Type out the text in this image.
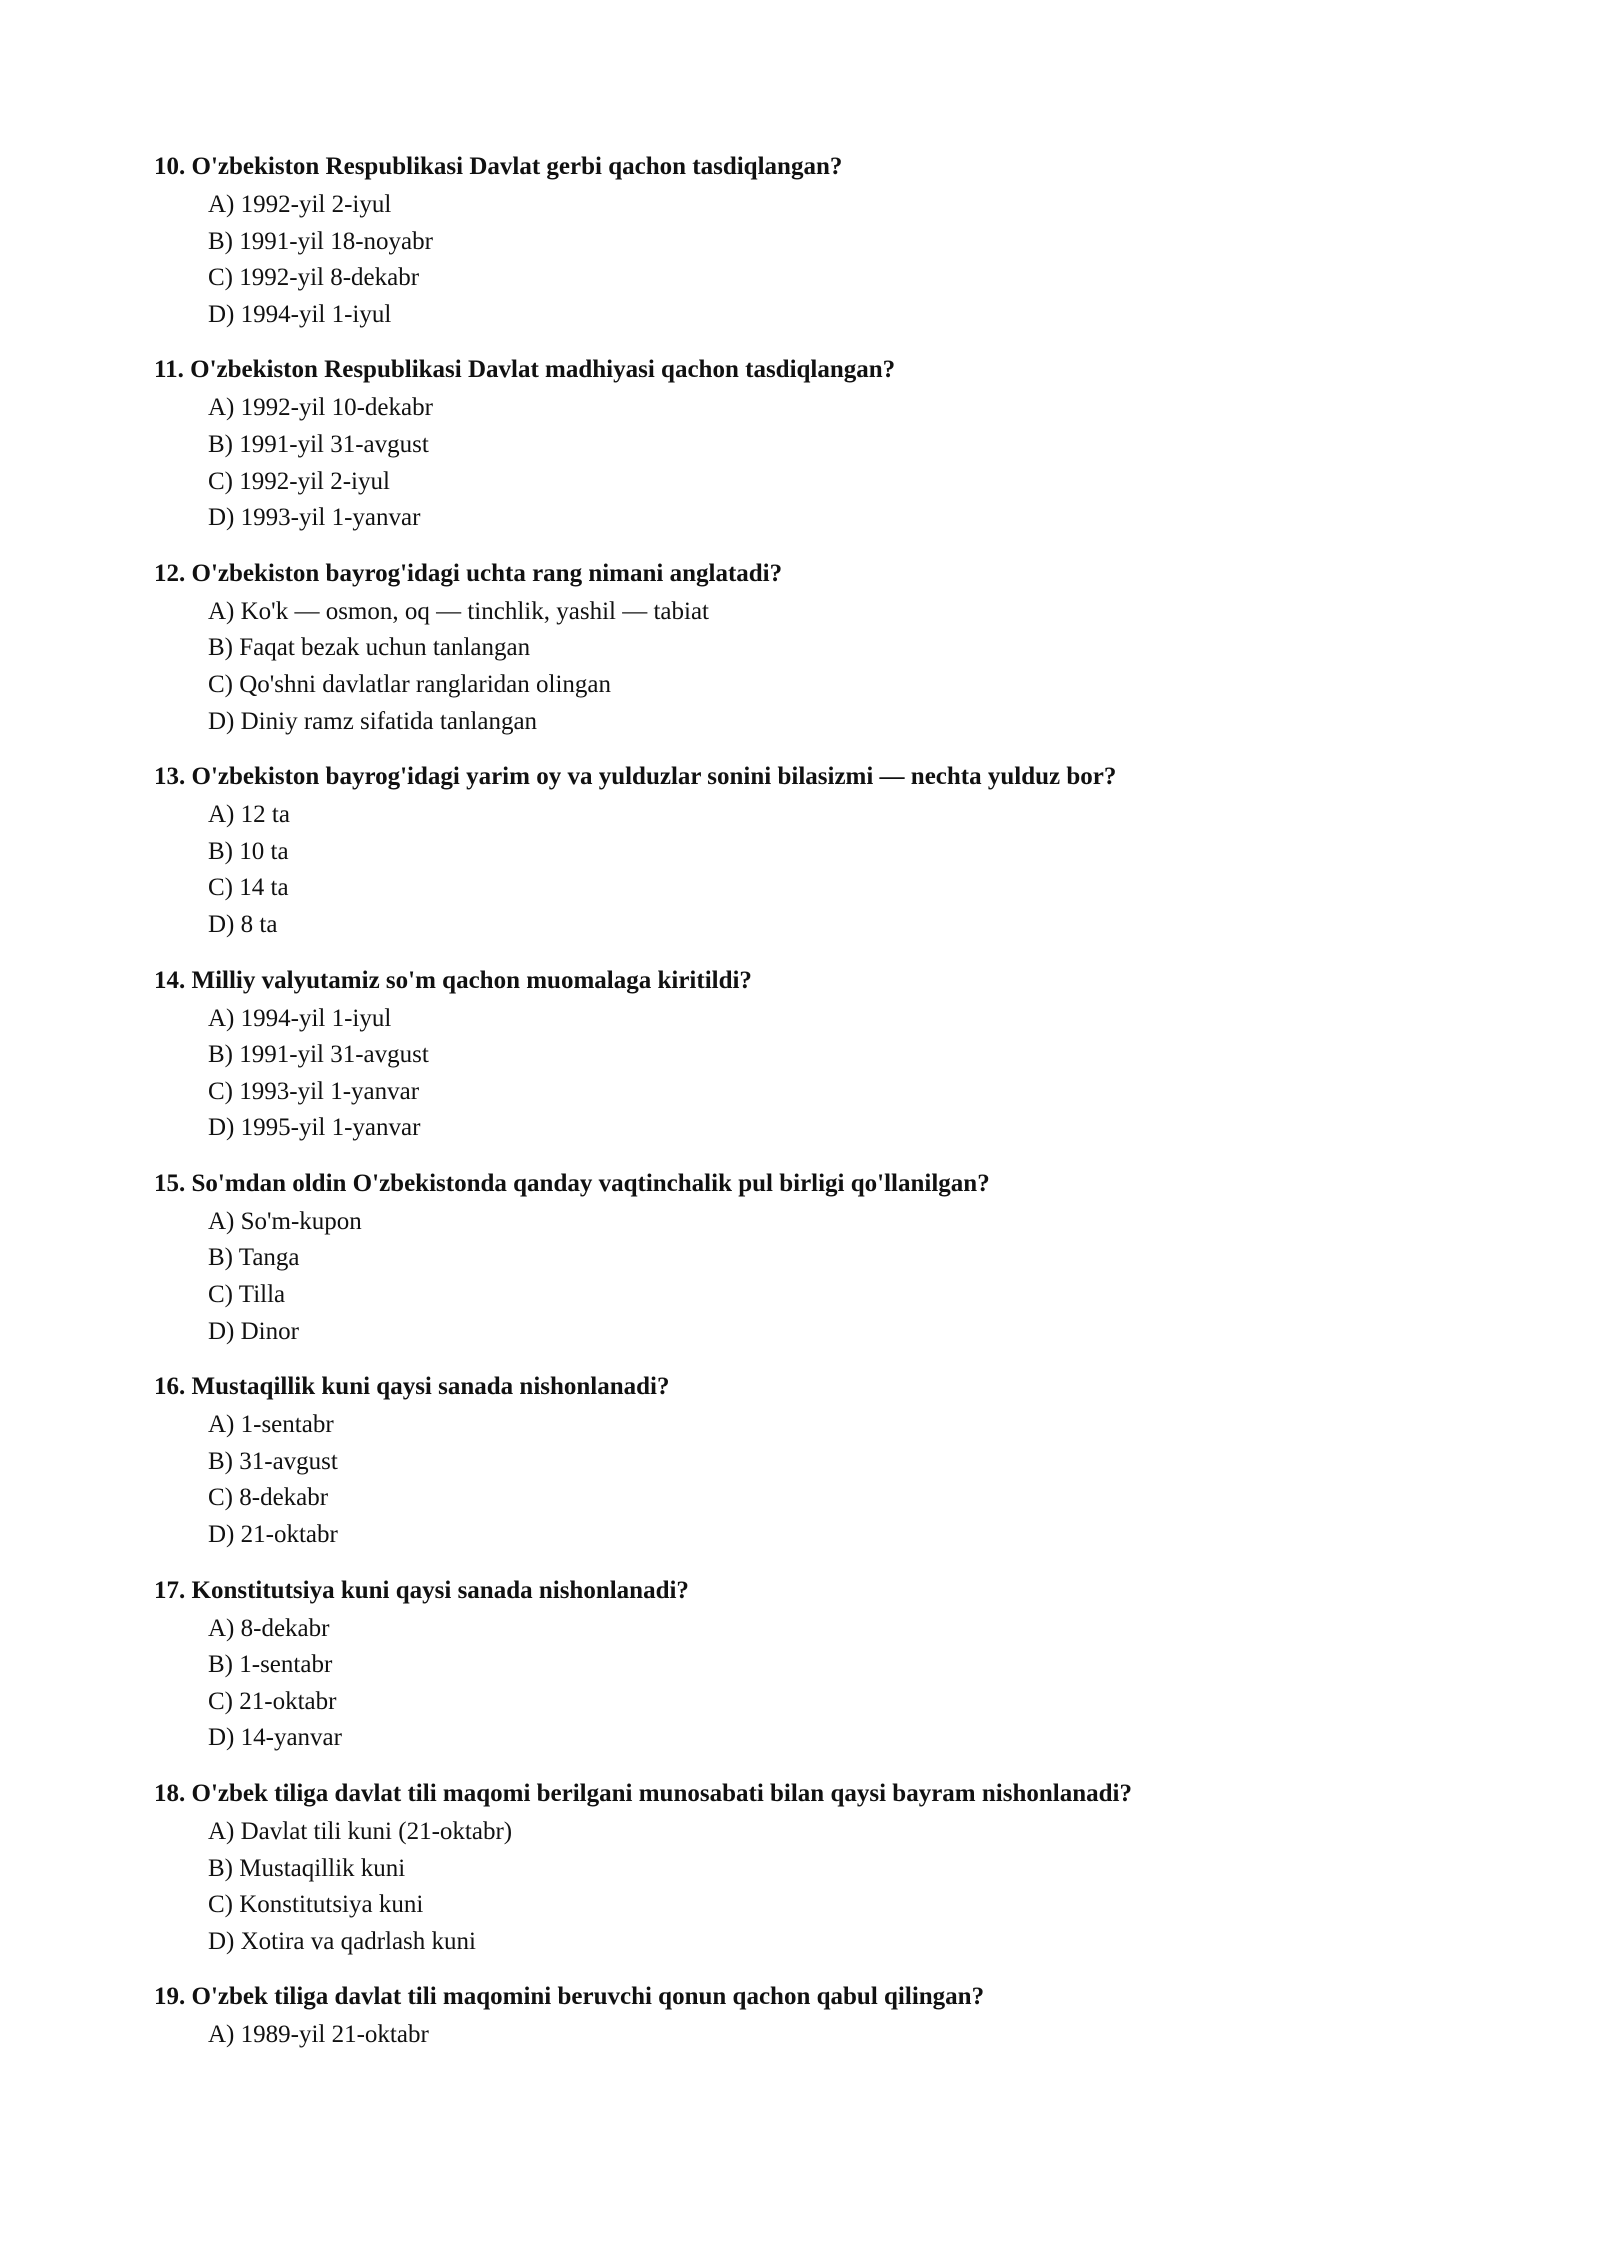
10. O'zbekiston Respublikasi Davlat gerbi qachon tasdiqlangan?
A) 1992-yil 2-iyul
B) 1991-yil 18-noyabr
C) 1992-yil 8-dekabr
D) 1994-yil 1-iyul
11. O'zbekiston Respublikasi Davlat madhiyasi qachon tasdiqlangan?
A) 1992-yil 10-dekabr
B) 1991-yil 31-avgust
C) 1992-yil 2-iyul
D) 1993-yil 1-yanvar
12. O'zbekiston bayrog'idagi uchta rang nimani anglatadi?
A) Ko'k — osmon, oq — tinchlik, yashil — tabiat
B) Faqat bezak uchun tanlangan
C) Qo'shni davlatlar ranglaridan olingan
D) Diniy ramz sifatida tanlangan
13. O'zbekiston bayrog'idagi yarim oy va yulduzlar sonini bilasizmi — nechta yulduz bor?
A) 12 ta
B) 10 ta
C) 14 ta
D) 8 ta
14. Milliy valyutamiz so'm qachon muomalaga kiritildi?
A) 1994-yil 1-iyul
B) 1991-yil 31-avgust
C) 1993-yil 1-yanvar
D) 1995-yil 1-yanvar
15. So'mdan oldin O'zbekistonda qanday vaqtinchalik pul birligi qo'llanilgan?
A) So'm-kupon
B) Tanga
C) Tilla
D) Dinor
16. Mustaqillik kuni qaysi sanada nishonlanadi?
A) 1-sentabr
B) 31-avgust
C) 8-dekabr
D) 21-oktabr
17. Konstitutsiya kuni qaysi sanada nishonlanadi?
A) 8-dekabr
B) 1-sentabr
C) 21-oktabr
D) 14-yanvar
18. O'zbek tiliga davlat tili maqomi berilgani munosabati bilan qaysi bayram nishonlanadi?
A) Davlat tili kuni (21-oktabr)
B) Mustaqillik kuni
C) Konstitutsiya kuni
D) Xotira va qadrlash kuni
19. O'zbek tiliga davlat tili maqomini beruvchi qonun qachon qabul qilingan?
A) 1989-yil 21-oktabr
